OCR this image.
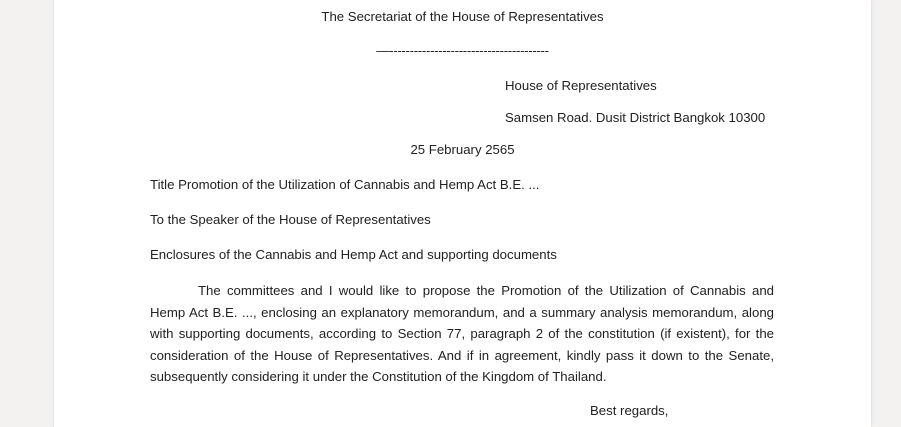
The Secretariat of the House of Representatives
—---------------------------------------
House of Representatives
Samsen Road. Dusit District Bangkok 10300
25 February 2565
Title Promotion of the Utilization of Cannabis and Hemp Act B.E. ...
To the Speaker of the House of Representatives
Enclosures of the Cannabis and Hemp Act and supporting documents
The committees and I would like to propose the Promotion of the Utilization of Cannabis and Hemp Act B.E. ..., enclosing an explanatory memorandum, and a summary analysis memorandum, along with supporting documents, according to Section 77, paragraph 2 of the constitution (if existent), for the consideration of the House of Representatives. And if in agreement, kindly pass it down to the Senate, subsequently considering it under the Constitution of the Kingdom of Thailand.
Best regards,
